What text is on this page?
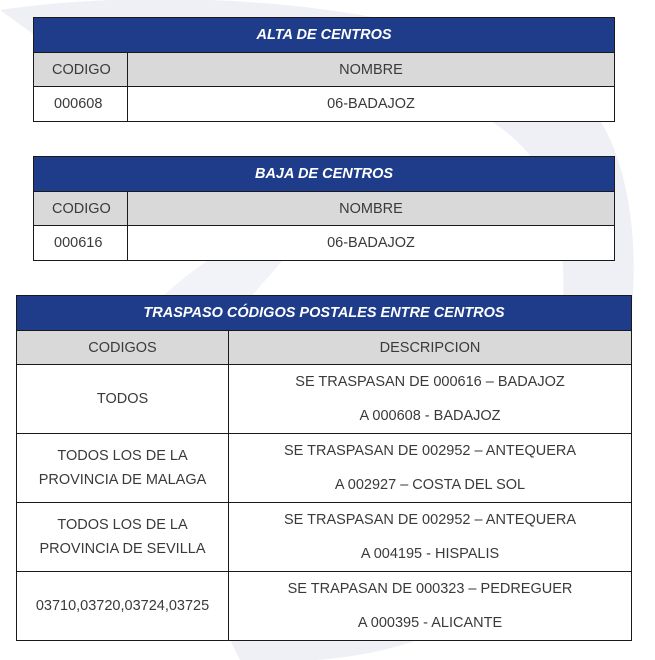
ALTA DE CENTROS	
CODIGO	NOMBRE
000608	06-BADAJOZ
BAJA DE CENTROS	
CODIGO	NOMBRE
000616	06-BADAJOZ
TRASPASO CÓDIGOS POSTALES ENTRE CENTROS	
CODIGOS	DESCRIPCION

TODOS	SE TRASPASAN DE 000616 – BADAJOZ
A 000608 - BADAJOZ

TODOS LOS DE LA
PROVINCIA DE MALAGA	SE TRASPASAN DE 002952 – ANTEQUERA
A 002927 – COSTA DEL SOL

TODOS LOS DE LA
PROVINCIA DE SEVILLA	SE TRASPASAN DE 002952 – ANTEQUERA
A 004195 - HISPALIS

03710,03720,03724,03725	SE TRAPASAN DE 000323 – PEDREGUER
A 000395 - ALICANTE
